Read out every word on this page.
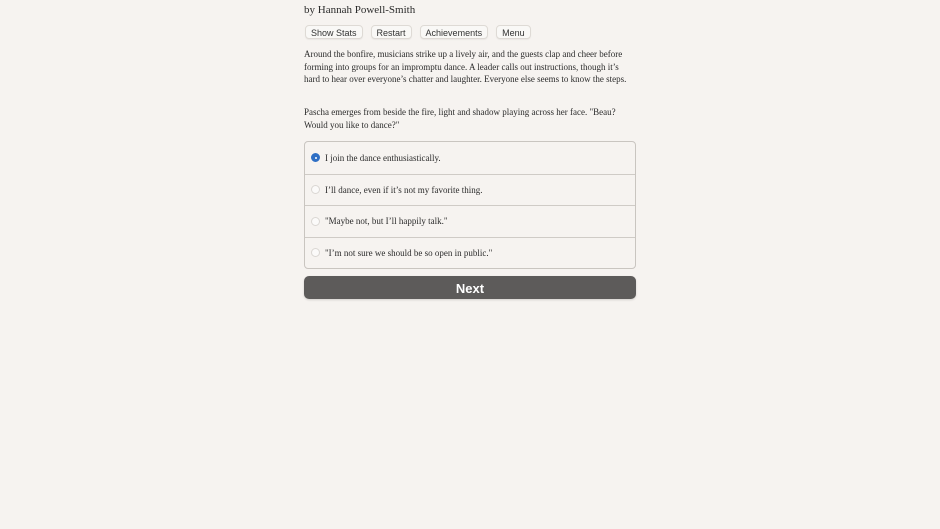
by Hannah Powell-Smith
Show Stats	Restart	Achievements	Menu

Around the bonfire, musicians strike up a lively air, and the guests clap and cheer before forming into groups for an impromptu dance. A leader calls out instructions, though it’s hard to hear over everyone’s chatter and laughter. Everyone else seems to know the steps.

Pascha emerges from beside the fire, light and shadow playing across her face. "Beau? Would you like to dance?"

I join the dance enthusiastically.
I’ll dance, even if it’s not my favorite thing.
"Maybe not, but I’ll happily talk."
"I’m not sure we should be so open in public."
Next
